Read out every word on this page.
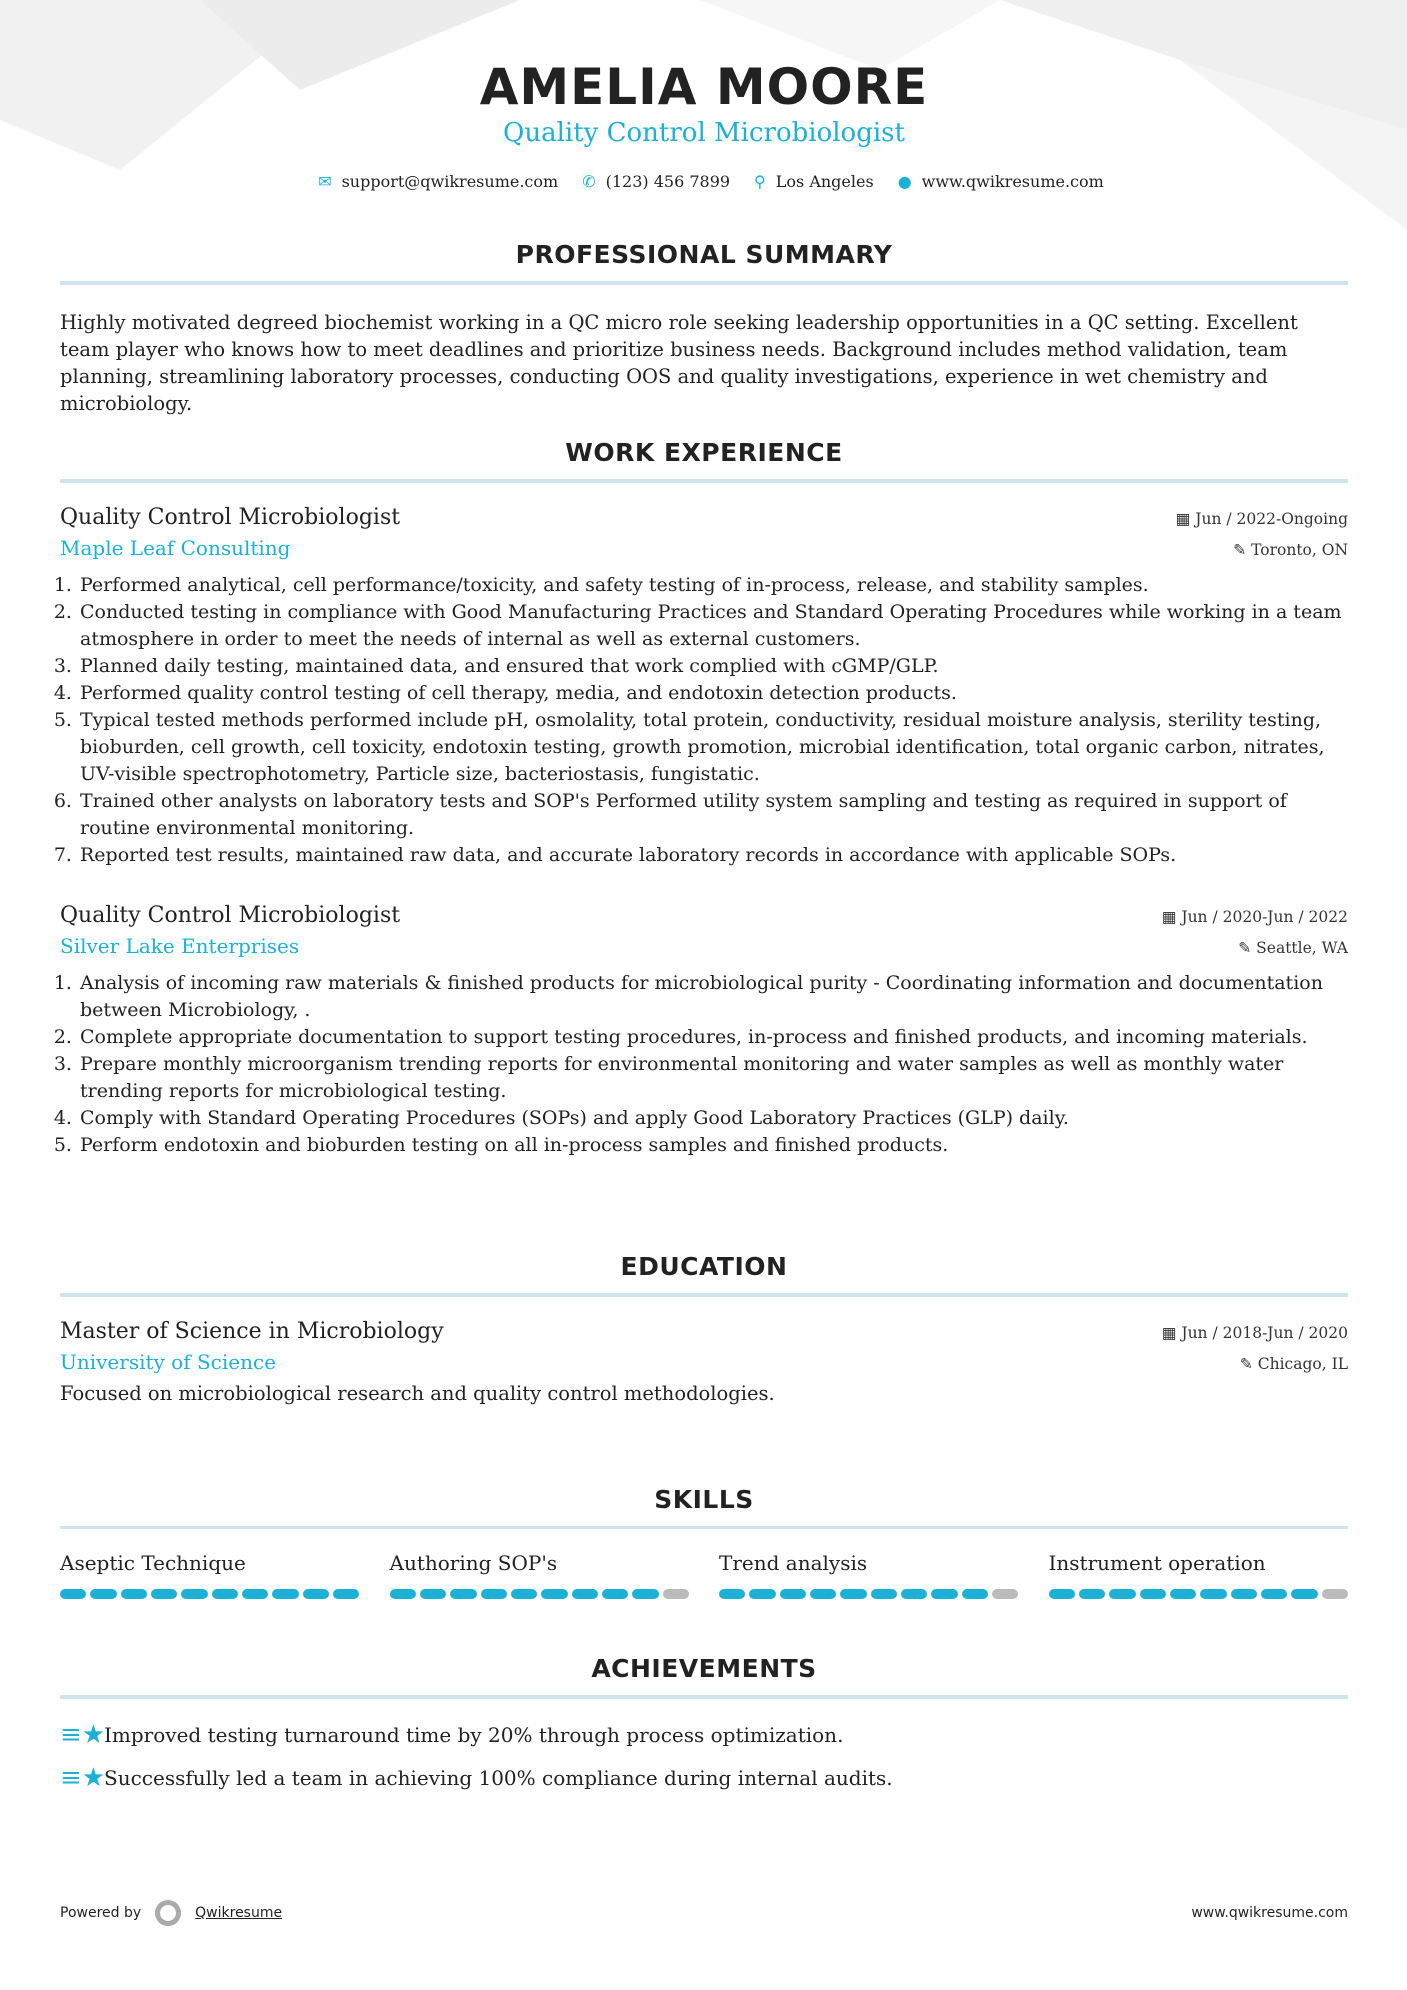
AMELIA MOORE
Quality Control Microbiologist
✉ support@qwikresume.com ✆ (123) 456 7899 ⚲ Los Angeles ● www.qwikresume.com
PROFESSIONAL SUMMARY

Highly motivated degreed biochemist working in a QC micro role seeking leadership opportunities in a QC setting. Excellent team player who knows how to meet deadlines and prioritize business needs. Background includes method validation, team planning, streamlining laboratory processes, conducting OOS and quality investigations, experience in wet chemistry and microbiology.

WORK EXPERIENCE
Quality Control Microbiologist	▦ Jun / 2022-Ongoing
Maple Leaf Consulting	✎ Toronto, ON
1. Performed analytical, cell performance/toxicity, and safety testing of in-process, release, and stability samples.
2. Conducted testing in compliance with Good Manufacturing Practices and Standard Operating Procedures while working in a team atmosphere in order to meet the needs of internal as well as external customers.
3. Planned daily testing, maintained data, and ensured that work complied with cGMP/GLP.
4. Performed quality control testing of cell therapy, media, and endotoxin detection products.
5. Typical tested methods performed include pH, osmolality, total protein, conductivity, residual moisture analysis, sterility testing, bioburden, cell growth, cell toxicity, endotoxin testing, growth promotion, microbial identification, total organic carbon, nitrates, UV-visible spectrophotometry, Particle size, bacteriostasis, fungistatic.
6. Trained other analysts on laboratory tests and SOP's Performed utility system sampling and testing as required in support of routine environmental monitoring.
7. Reported test results, maintained raw data, and accurate laboratory records in accordance with applicable SOPs.
Quality Control Microbiologist	▦ Jun / 2020-Jun / 2022
Silver Lake Enterprises	✎ Seattle, WA
1. Analysis of incoming raw materials & finished products for microbiological purity - Coordinating information and documentation between Microbiology, .
2. Complete appropriate documentation to support testing procedures, in-process and finished products, and incoming materials.
3. Prepare monthly microorganism trending reports for environmental monitoring and water samples as well as monthly water trending reports for microbiological testing.
4. Comply with Standard Operating Procedures (SOPs) and apply Good Laboratory Practices (GLP) daily.
5. Perform endotoxin and bioburden testing on all in-process samples and finished products.
EDUCATION
Master of Science in Microbiology	▦ Jun / 2018-Jun / 2020
University of Science	✎ Chicago, IL

Focused on microbiological research and quality control methodologies.

SKILLS
Aseptic Technique	Authoring SOP's	Trend analysis	Instrument operation
ACHIEVEMENTS
≡★
Improved testing turnaround time by 20% through process optimization.
≡★
Successfully led a team in achieving 100% compliance during internal audits.
Powered by	Qwikresume	www.qwikresume.com
